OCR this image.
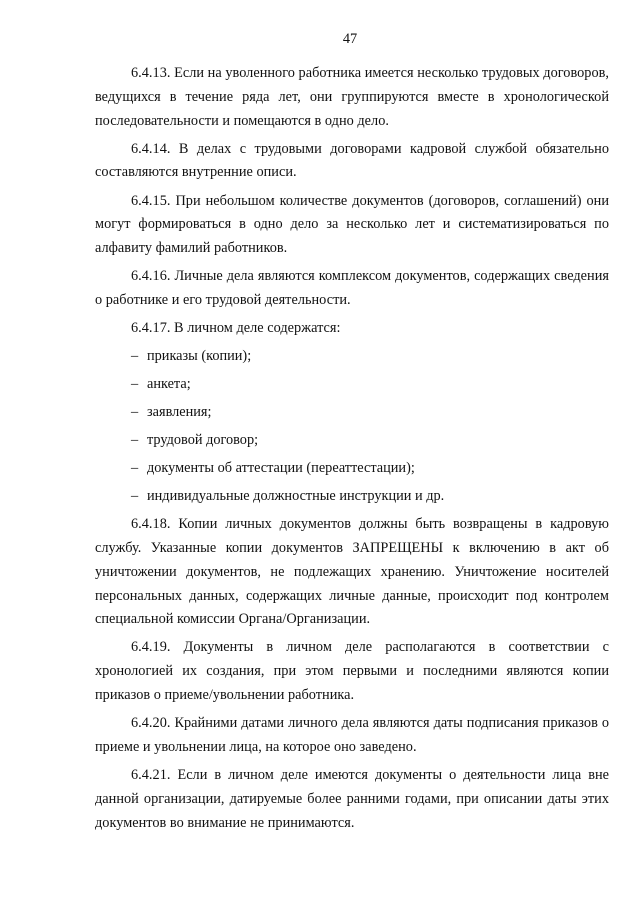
47

6.4.13. Если на уволенного работника имеется несколько трудовых договоров, ведущихся в течение ряда лет, они группируются вместе в хронологической последовательности и помещаются в одно дело.

6.4.14. В делах с трудовыми договорами кадровой службой обязательно составляются внутренние описи.

6.4.15. При небольшом количестве документов (договоров, соглашений) они могут формироваться в одно дело за несколько лет и систематизироваться по алфавиту фамилий работников.

6.4.16. Личные дела являются комплексом документов, содержащих сведения о работнике и его трудовой деятельности.

6.4.17. В личном деле содержатся:

– приказы (копии);
– анкета;
– заявления;
– трудовой договор;
– документы об аттестации (переаттестации);
– индивидуальные должностные инструкции и др.

6.4.18. Копии личных документов должны быть возвращены в кадровую службу. Указанные копии документов ЗАПРЕЩЕНЫ к включению в акт об уничтожении документов, не подлежащих хранению. Уничтожение носителей персональных данных, содержащих личные данные, происходит под контролем специальной комиссии Органа/Организации.

6.4.19. Документы в личном деле располагаются в соответствии с хронологией их создания, при этом первыми и последними являются копии приказов о приеме/увольнении работника.

6.4.20. Крайними датами личного дела являются даты подписания приказов о приеме и увольнении лица, на которое оно заведено.

6.4.21. Если в личном деле имеются документы о деятельности лица вне данной организации, датируемые более ранними годами, при описании даты этих документов во внимание не принимаются.
